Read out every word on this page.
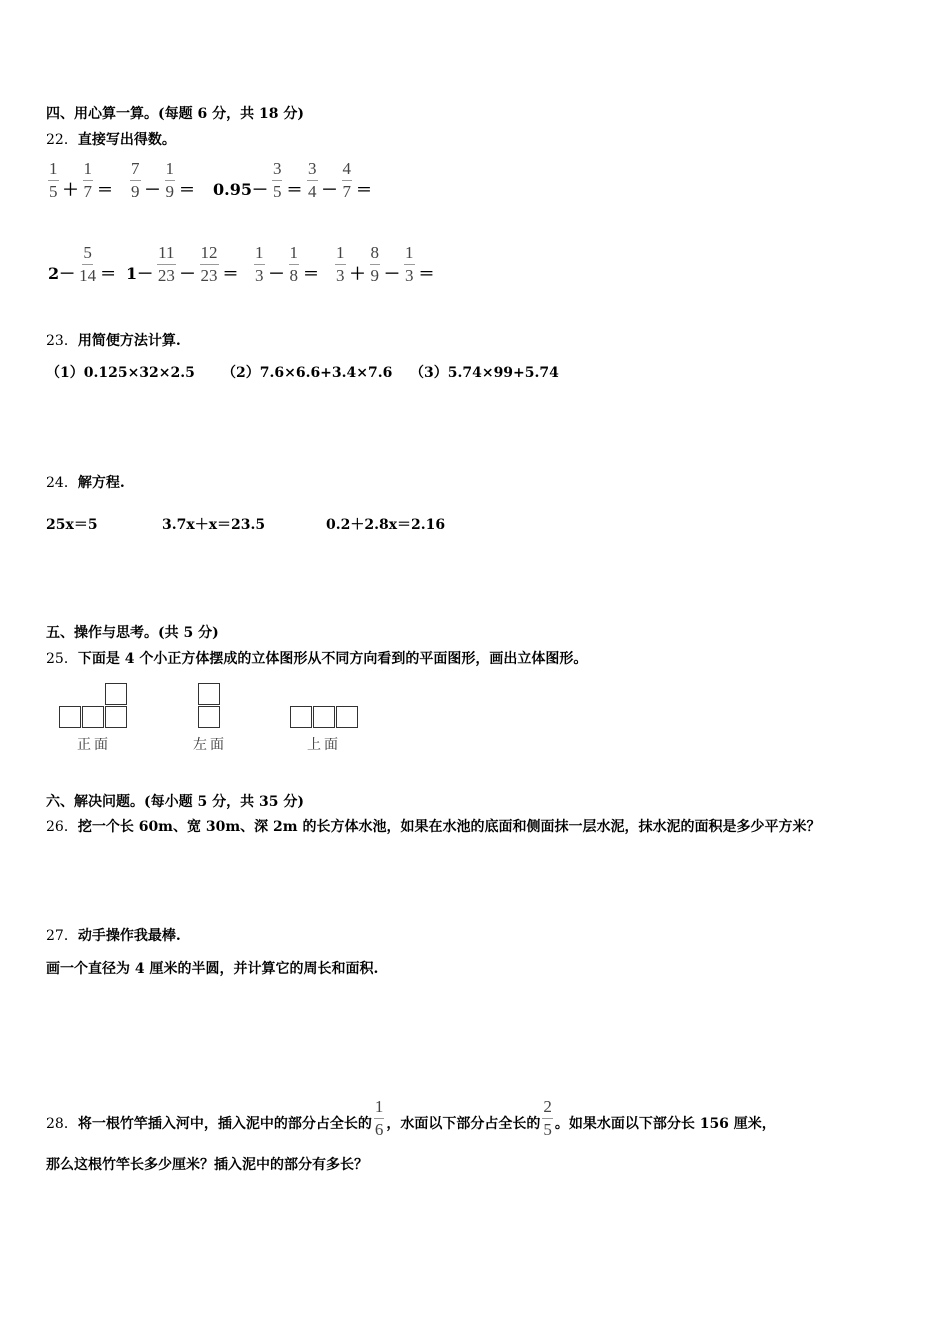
四、用心算一算。(每题 6 分，共 18 分)
22．直接写出得数。
$\frac{1}{5} + \frac{1}{7} = \frac{7}{9} - \frac{1}{9} = 0.95- \frac{3}{5} = \frac{3}{4} - \frac{4}{7}$ ＝
$2- \frac{5}{14} = 1- \frac{11}{23} - \frac{12}{23} = \frac{1}{3} - \frac{1}{8} = \frac{1}{3} + \frac{8}{9} - \frac{1}{3}$ ＝
23．用简便方法计算.
（1）0.125×32×2.5 （2）7.6×6.6+3.4×7.6 （3）5.74×99+5.74
24．解方程.
25x＝5	3.7x＋x＝23.5	0.2＋2.8x＝2.16
五、操作与思考。(共 5 分)
25．下面是 4 个小正方体摆成的立体图形从不同方向看到的平面图形，画出立体图形。
正面	左面	上面
六、解决问题。(每小题 5 分，共 35 分)
26．挖一个长 60m、宽 30m、深 2m 的长方体水池，如果在水池的底面和侧面抹一层水泥，抹水泥的面积是多少平方米？
27．动手操作我最棒.
画一个直径为 4 厘米的半圆，并计算它的周长和面积.
28． 将一根竹竿插入河中，插入泥中的部分占全长的 $\frac{1}{6}$ ，水面以下部分占全长的 $\frac{2}{5}$ 。如果水面以下部分长 156 厘米，
那么这根竹竿长多少厘米？插入泥中的部分有多长？
